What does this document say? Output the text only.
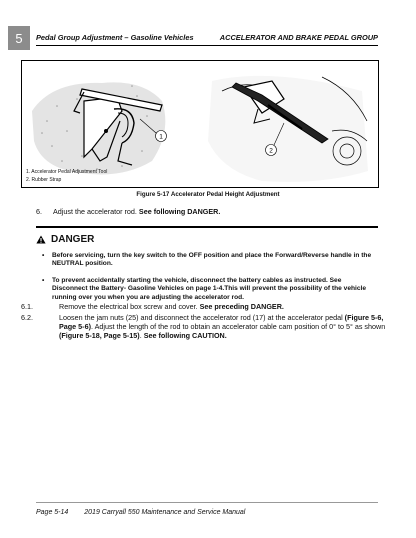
5	Pedal Group Adjustment – Gasoline Vehicles	ACCELERATOR AND BRAKE PEDAL GROUP
1
2
1. Accelerator Pedal Adjustment Tool
2. Rubber Strap
Figure 5-17 Accelerator Pedal Height Adjustment
6. Adjust the accelerator rod. See following DANGER.
DANGER
• Before servicing, turn the key switch to the OFF position and place the Forward/Reverse handle in the NEUTRAL position.
• To prevent accidentally starting the vehicle, disconnect the battery cables as instructed. See Disconnect the Battery- Gasoline Vehicles on page 1-4.This will prevent the possibility of the vehicle running over you when you are adjusting the accelerator rod.
6.1.	Remove the electrical box screw and cover. See preceding DANGER.
6.2.	Loosen the jam nuts (25) and disconnect the accelerator rod (17) at the accelerator pedal (Figure 5-6,
Page 5-6). Adjust the length of the rod to obtain an accelerator cable cam position of 0° to 5° as shown
(Figure 5-18, Page 5-15). See following CAUTION.
Page 5-14 2019 Carryall 550 Maintenance and Service Manual
